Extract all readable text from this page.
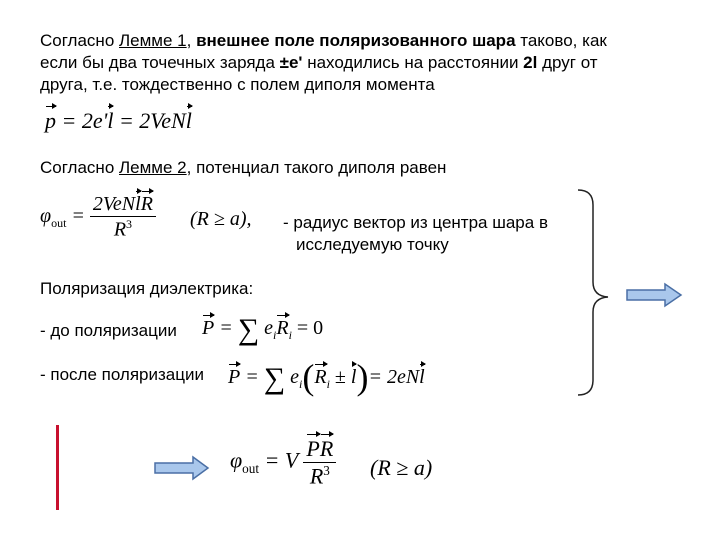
Согласно Лемме 1, внешнее поле поляризованного шара таково, как
если бы два точечных заряда ±e' находились на расстоянии 2l друг от
друга, т.е. тождественно с полем диполя момента
p = 2e'l = 2VeNl
Согласно Лемме 2, потенциал такого диполя равен
$\varphi_{out} = \frac{\text{2VeNlR}}{R^3} (R \ge a)$, - радиус вектор из центра шара в
исследуемую точку
Поляризация диэлектрика:
- до поляризации P = ∑ $e_iR_i = 0$
- после поляризации P = ∑ $e_i(R_i \pm l)= 2eNl$
$\varphi_{out} = V \frac{PR}{R^3} (R \ge a)$
